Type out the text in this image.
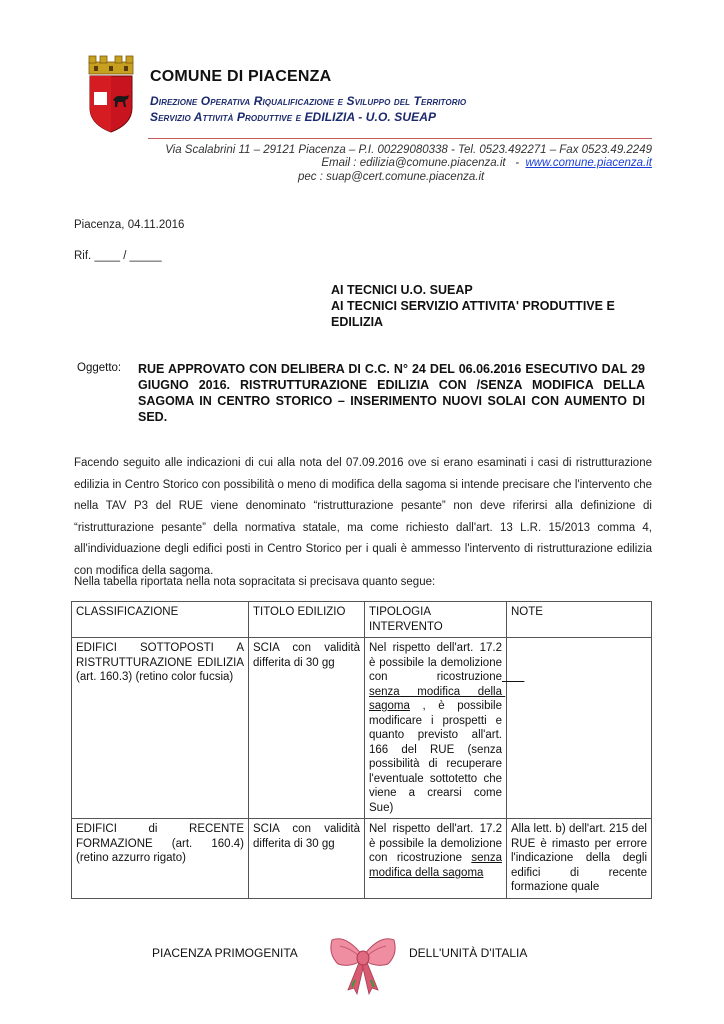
COMUNE DI PIACENZA
Direzione Operativa Riqualificazione e Sviluppo del Territorio
Servizio Attività Produttive e EDILIZIA - U.O. SUEAP
Via Scalabrini 11 – 29121 Piacenza – P.I. 00229080338 - Tel. 0523.492271 – Fax 0523.49.2249
Email : edilizia@comune.piacenza.it   -  www.comune.piacenza.it
pec : suap@cert.comune.piacenza.it
Piacenza, 04.11.2016
Rif. ____ / _____
AI TECNICI U.O. SUEAP
AI TECNICI SERVIZIO ATTIVITA' PRODUTTIVE E EDILIZIA
Oggetto: RUE APPROVATO CON DELIBERA DI C.C. N° 24 DEL 06.06.2016 ESECUTIVO DAL 29 GIUGNO 2016. RISTRUTTURAZIONE EDILIZIA CON /SENZA MODIFICA DELLA SAGOMA IN CENTRO STORICO – INSERIMENTO NUOVI SOLAI CON AUMENTO DI SED.
Facendo seguito alle indicazioni di cui alla nota del 07.09.2016 ove si erano esaminati i casi di ristrutturazione edilizia in Centro Storico con possibilità o meno di modifica della sagoma si intende precisare che l'intervento che nella TAV P3 del RUE viene denominato “ristrutturazione pesante” non deve riferirsi alla definizione di “ristrutturazione pesante” della normativa statale, ma come richiesto dall'art. 13 L.R. 15/2013 comma 4, all'individuazione degli edifici posti in Centro Storico per i quali è ammesso l'intervento di ristrutturazione edilizia con modifica della sagoma.
Nella tabella riportata nella nota sopracitata si precisava quanto segue:
CLASSIFICAZIONE	TITOLO EDILIZIO	TIPOLOGIA INTERVENTO	NOTE
EDIFICI SOTTOPOSTI A RISTRUTTURAZIONE EDILIZIA (art. 160.3) (retino color fucsia)	SCIA con validità differita di 30 gg	Nel rispetto dell'art. 17.2 è possibile la demolizione con ricostruzione       senza modifica della sagoma , è possibile modificare i prospetti e quanto previsto all'art. 166 del RUE (senza possibilità di recuperare l'eventuale sottotetto che viene a crearsi come Sue)	
EDIFICI di RECENTE FORMAZIONE (art. 160.4) (retino azzurro rigato)	SCIA con validità differita di 30 gg	Nel rispetto dell'art. 17.2 è possibile la demolizione con ricostruzione senza modifica della sagoma	Alla lett. b) dell'art. 215 del RUE è rimasto per errore l'indicazione della degli edifici di recente formazione quale
PIACENZA PRIMOGENITA	DELL'UNITÀ D'ITALIA
